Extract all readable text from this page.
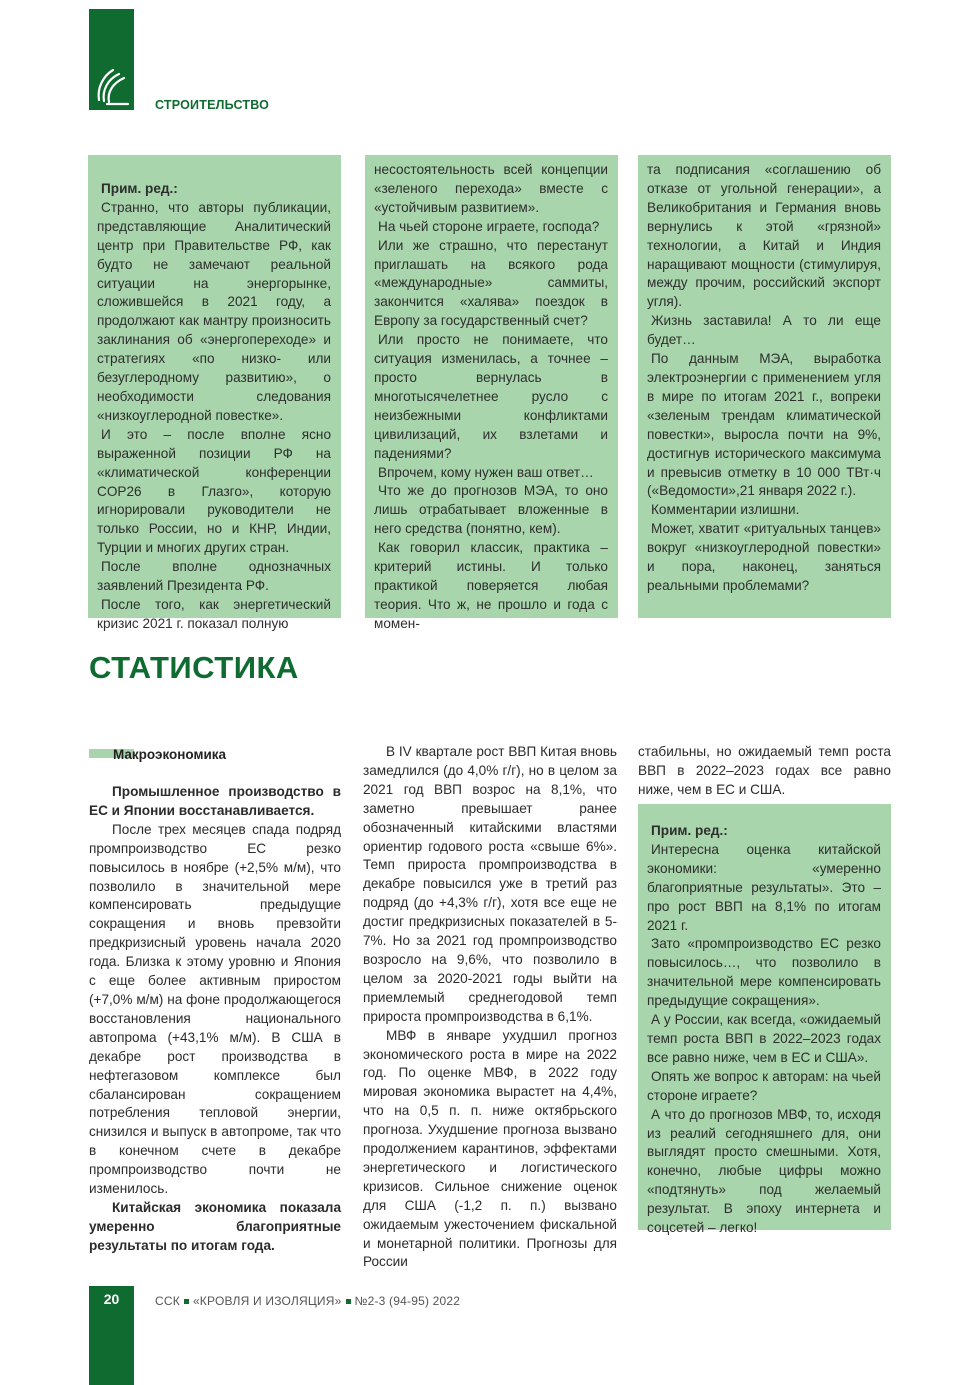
СТРОИТЕЛЬСТВО

Прим. ред.:

Странно, что авторы публикации, представляющие Аналитический центр при Правительстве РФ, как будто не замечают реальной ситуации на энергорынке, сложившейся в 2021 году, а продолжают как мантру произносить заклинания об «энергопереходе» и стратегиях «по низко- или безуглеродному развитию», о необходимости следования «низкоуглеродной повестке».

И это – после вполне ясно выраженной позиции РФ на «климатической конференции COP26 в Глазго», которую игнорировали руководители не только России, но и КНР, Индии, Турции и многих других стран.

После вполне однозначных заявлений Президента РФ.

После того, как энергетический кризис 2021 г. показал полную

несостоятельность всей концепции «зеленого перехода» вместе с «устойчивым развитием».

На чьей стороне играете, господа?

Или же страшно, что перестанут приглашать на всякого рода «международные» саммиты, закончится «халява» поездок в Европу за государственный счет?

Или просто не понимаете, что ситуация изменилась, а точнее – просто вернулась в многотысячелетнее русло с неизбежными конфликтами цивилизаций, их взлетами и падениями?

Впрочем, кому нужен ваш ответ…

Что же до прогнозов МЭА, то оно лишь отрабатывает вложенные в него средства (понятно, кем).

Как говорил классик, практика – критерий истины. И только практикой поверяется любая теория. Что ж, не прошло и года с момен-

та подписания «соглашению об отказе от угольной генерации», а Великобритания и Германия вновь вернулись к этой «грязной» технологии, а Китай и Индия наращивают мощности (стимулируя, между прочим, российский экспорт угля).

Жизнь заставила! А то ли еще будет…

По данным МЭА, выработка электроэнергии с применением угля в мире по итогам 2021 г., вопреки «зеленым трендам климатической повестки», выросла почти на 9%, достигнув исторического максимума и превысив отметку в 10 000 ТВт·ч («Ведомости»,21 января 2022 г.).

Комментарии излишни.

Может, хватит «ритуальных танцев» вокруг «низкоуглеродной повестки» и пора, наконец, заняться реальными проблемами?

СТАТИСТИКА
Макроэкономика

Промышленное производство в ЕС и Японии восстанавливается.

После трех месяцев спада подряд промпроизводство ЕС резко повысилось в ноябре (+2,5% м/м), что позволило в значительной мере компенсировать предыдущие сокращения и вновь превзойти предкризисный уровень начала 2020 года. Близка к этому уровню и Япония с еще более активным приростом (+7,0% м/м) на фоне продолжающегося восстановления национального автопрома (+43,1% м/м). В США в декабре рост производства в нефтегазовом комплексе был сбалансирован сокращением потребления тепловой энергии, снизился и выпуск в автопроме, так что в конечном счете в декабре промпроизводство почти не изменилось.

Китайская экономика показала умеренно благоприятные результаты по итогам года.

В IV квартале рост ВВП Китая вновь замедлился (до 4,0% г/г), но в целом за 2021 год ВВП возрос на 8,1%, что заметно превышает ранее обозначенный китайскими властями ориентир годового роста «свыше 6%». Темп прироста промпроизводства в декабре повысился уже в третий раз подряд (до +4,3% г/г), хотя все еще не достиг предкризисных показателей в 5-7%. Но за 2021 год промпроизводство возросло на 9,6%, что позволило в целом за 2020-2021 годы выйти на приемлемый среднегодовой темп прироста промпроизводства в 6,1%.

МВФ в январе ухудшил прогноз экономического роста в мире на 2022 год. По оценке МВФ, в 2022 году мировая экономика вырастет на 4,4%, что на 0,5 п. п. ниже октябрьского прогноза. Ухудшение прогноза вызвано продолжением карантинов, эффектами энергетического и логистического кризисов. Сильное снижение оценок для США (-1,2 п. п.) вызвано ожидаемым ужесточением фискальной и монетарной политики. Прогнозы для России

стабильны, но ожидаемый темп роста ВВП в 2022–2023 годах все равно ниже, чем в ЕС и США.

Прим. ред.:

Интересна оценка китайской экономики: «умеренно благоприятные результаты». Это – про рост ВВП на 8,1% по итогам 2021 г.

Зато «промпроизводство ЕС резко повысилось…, что позволило в значительной мере компенсировать предыдущие сокращения».

А у России, как всегда, «ожидаемый темп роста ВВП в 2022–2023 годах все равно ниже, чем в ЕС и США».

Опять же вопрос к авторам: на чьей стороне играете?

А что до прогнозов МВФ, то, исходя из реалий сегодняшнего для, они выглядят просто смешными. Хотя, конечно, любые цифры можно «подтянуть» под желаемый результат. В эпоху интернета и соцсетей – легко!

20	ССК «КРОВЛЯ И ИЗОЛЯЦИЯ» №2-3 (94-95) 2022
